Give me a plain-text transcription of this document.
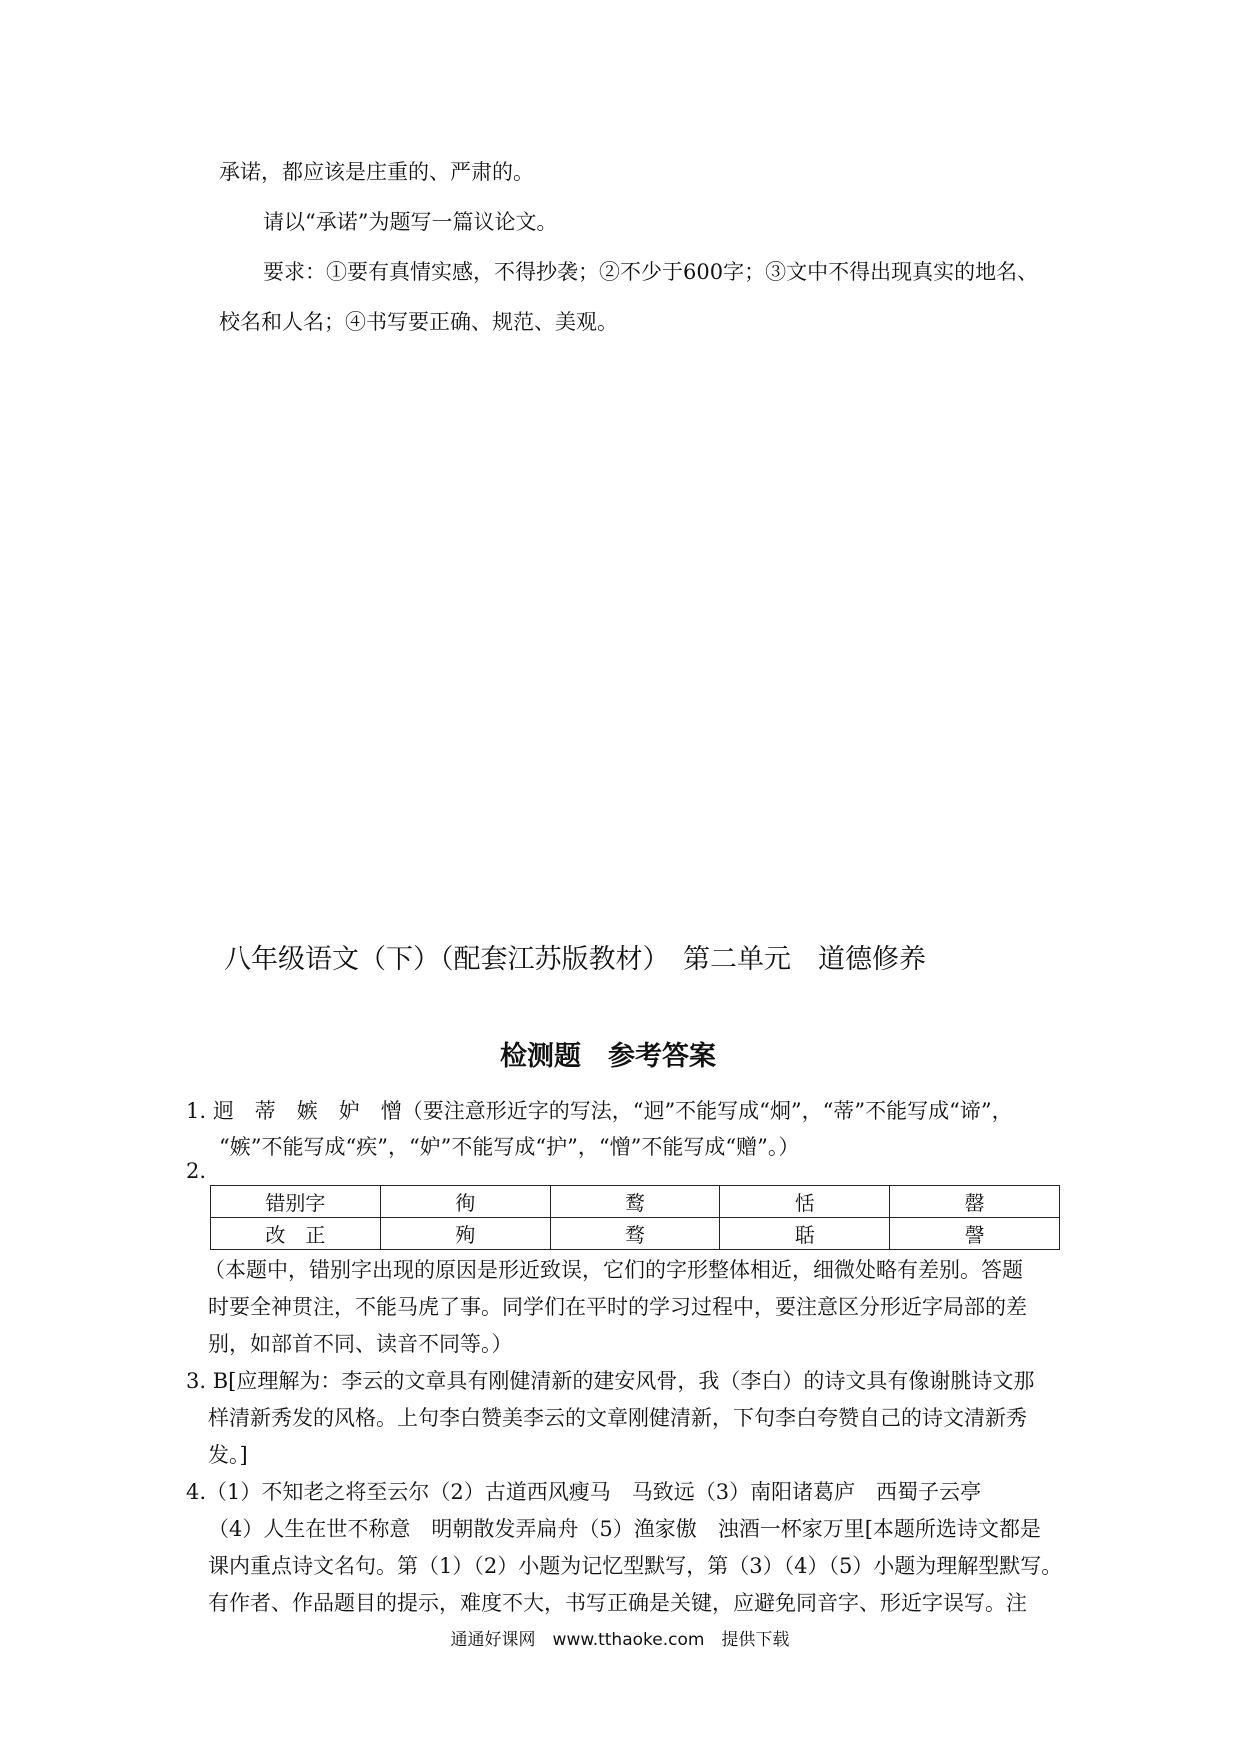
承诺，都应该是庄重的、严肃的。
请以“承诺”为题写一篇议论文。
要求：①要有真情实感，不得抄袭；②不少于600字；③文中不得出现真实的地名、
校名和人名；④书写要正确、规范、美观。
八年级语文（下）（配套江苏版教材）　第二单元　道德修养
检测题　参考答案
1. 迥　蒂　嫉　妒　憎（要注意形近字的写法，“迥”不能写成“炯”，“蒂”不能写成“谛”，
“嫉”不能写成“疾”，“妒”不能写成“护”，“憎”不能写成“赠”。）
2.
错别字	徇	鹜	恬	罄
改　正	殉	骛	聒	謦
（本题中，错别字出现的原因是形近致误，它们的字形整体相近，细微处略有差别。答题
时要全神贯注，不能马虎了事。同学们在平时的学习过程中，要注意区分形近字局部的差
别，如部首不同、读音不同等。）
3. B[应理解为：李云的文章具有刚健清新的建安风骨，我（李白）的诗文具有像谢朓诗文那
样清新秀发的风格。上句李白赞美李云的文章刚健清新，下句李白夸赞自己的诗文清新秀
发。]
4.（1）不知老之将至云尔（2）古道西风瘦马　马致远（3）南阳诸葛庐　西蜀子云亭
（4）人生在世不称意　明朝散发弄扁舟（5）渔家傲　浊酒一杯家万里[本题所选诗文都是
课内重点诗文名句。第（1）（2）小题为记忆型默写，第（3）（4）（5）小题为理解型默写。
有作者、作品题目的提示，难度不大，书写正确是关键，应避免同音字、形近字误写。注
通通好课网　www.tthaoke.com　提供下载
